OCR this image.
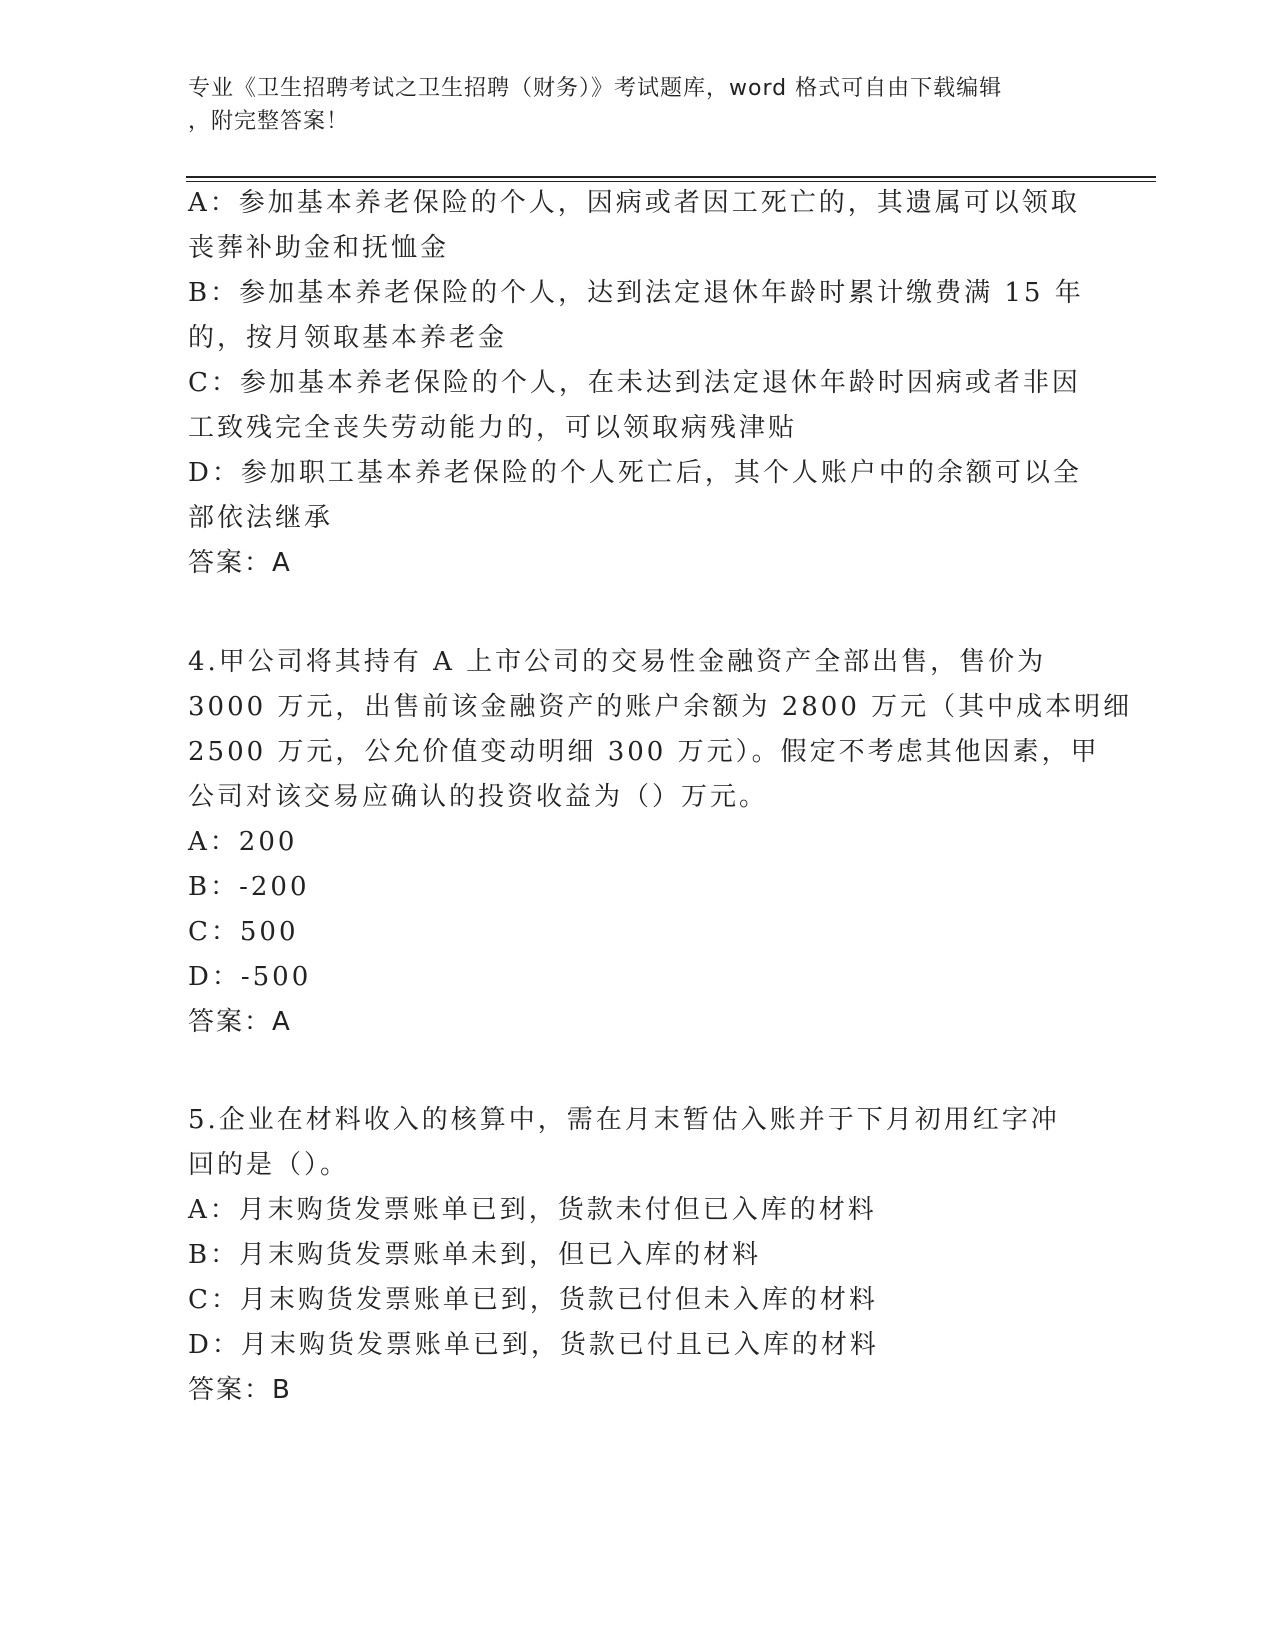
专业《卫生招聘考试之卫生招聘（财务）》考试题库，word 格式可自由下载编辑
，附完整答案！
A：参加基本养老保险的个人，因病或者因工死亡的，其遗属可以领取
丧葬补助金和抚恤金
B：参加基本养老保险的个人，达到法定退休年龄时累计缴费满 15 年
的，按月领取基本养老金
C：参加基本养老保险的个人，在未达到法定退休年龄时因病或者非因
工致残完全丧失劳动能力的，可以领取病残津贴
D：参加职工基本养老保险的个人死亡后，其个人账户中的余额可以全
部依法继承
答案：A
4.甲公司将其持有 A 上市公司的交易性金融资产全部出售，售价为
3000 万元，出售前该金融资产的账户余额为 2800 万元（其中成本明细
2500 万元，公允价值变动明细 300 万元）。假定不考虑其他因素，甲
公司对该交易应确认的投资收益为（）万元。
A：200
B：-200
C：500
D：-500
答案：A
5.企业在材料收入的核算中，需在月末暂估入账并于下月初用红字冲
回的是（）。
A：月末购货发票账单已到，货款未付但已入库的材料
B：月末购货发票账单未到，但已入库的材料
C：月末购货发票账单已到，货款已付但未入库的材料
D：月末购货发票账单已到，货款已付且已入库的材料
答案：B
